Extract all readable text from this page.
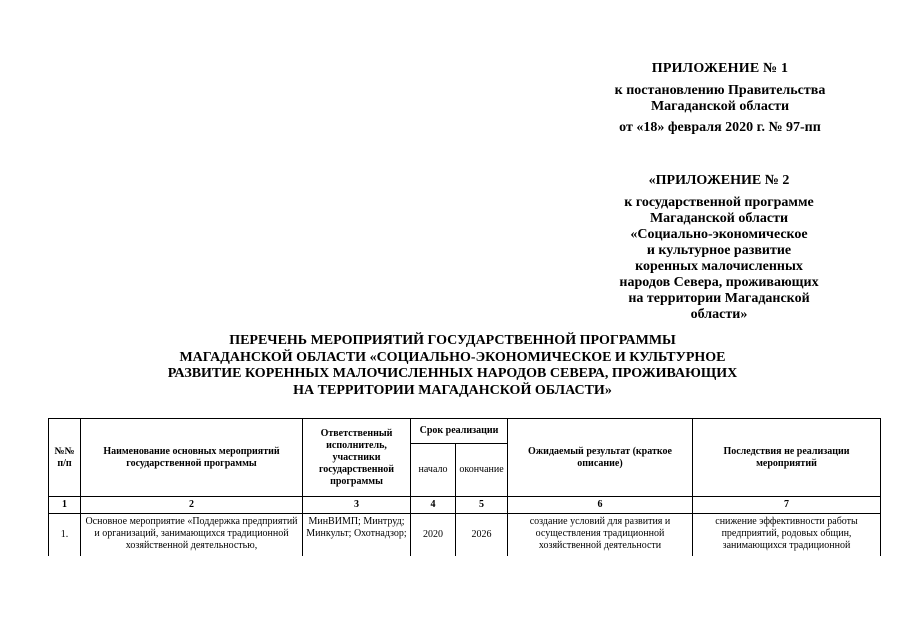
ПРИЛОЖЕНИЕ № 1
к постановлению Правительства
Магаданской области
от «18» февраля 2020 г. № 97-пп
«ПРИЛОЖЕНИЕ № 2
к государственной программе
Магаданской области
«Социально-экономическое
и культурное развитие
коренных малочисленных
народов Севера, проживающих
на территории Магаданской
области»
ПЕРЕЧЕНЬ МЕРОПРИЯТИЙ ГОСУДАРСТВЕННОЙ ПРОГРАММЫ
МАГАДАНСКОЙ ОБЛАСТИ «СОЦИАЛЬНО-ЭКОНОМИЧЕСКОЕ И КУЛЬТУРНОЕ
РАЗВИТИЕ КОРЕННЫХ МАЛОЧИСЛЕННЫХ НАРОДОВ СЕВЕРА, ПРОЖИВАЮЩИХ
НА ТЕРРИТОРИИ МАГАДАНСКОЙ ОБЛАСТИ»
№№ п/п	Наименование основных мероприятий государственной программы	Ответственный исполнитель, участники государственной программы	Срок реализации		Ожидаемый результат (краткое описание)	Последствия не реализации мероприятий
			начало	окончание		
1	2	3	4	5	6	7
1.	Основное мероприятие «Поддержка предприятий и организаций, занимающихся традиционной хозяйственной деятельностью,	МинВИМП; Минтруд; Минкульт; Охотнадзор;	2020	2026	создание условий для развития и осуществления традиционной хозяйственной деятельности	снижение эффективности работы предприятий, родовых общин, занимающихся традиционной
